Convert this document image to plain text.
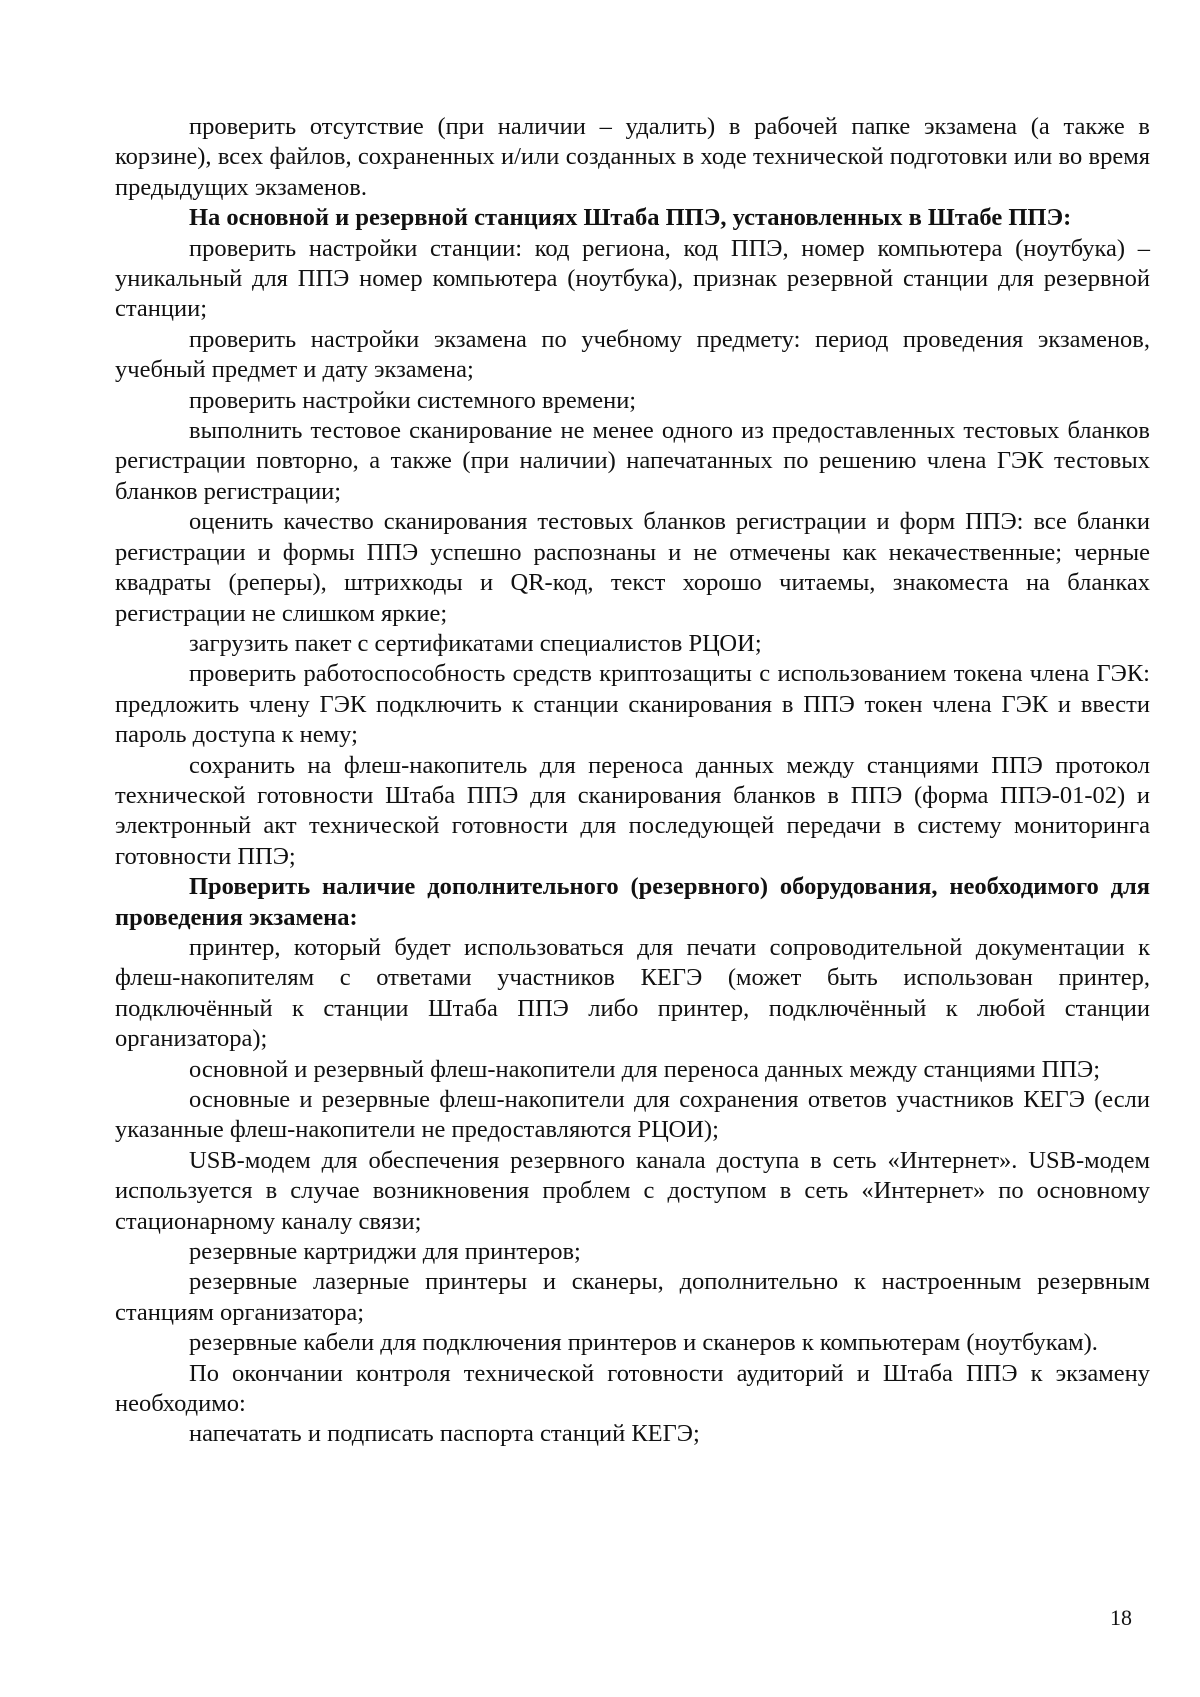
проверить отсутствие (при наличии – удалить) в рабочей папке экзамена (а также в корзине), всех файлов, сохраненных и/или созданных в ходе технической подготовки или во время предыдущих экзаменов.

На основной и резервной станциях Штаба ППЭ, установленных в Штабе ППЭ:

проверить настройки станции: код региона, код ППЭ, номер компьютера (ноутбука) – уникальный для ППЭ номер компьютера (ноутбука), признак резервной станции для резервной станции;

проверить настройки экзамена по учебному предмету: период проведения экзаменов, учебный предмет и дату экзамена;

проверить настройки системного времени;

выполнить тестовое сканирование не менее одного из предоставленных тестовых бланков регистрации повторно, а также (при наличии) напечатанных по решению члена ГЭК тестовых бланков регистрации;

оценить качество сканирования тестовых бланков регистрации и форм ППЭ: все бланки регистрации и формы ППЭ успешно распознаны и не отмечены как некачественные; черные квадраты (реперы), штрихкоды и QR-код, текст хорошо читаемы, знакоместа на бланках регистрации не слишком яркие;

загрузить пакет с сертификатами специалистов РЦОИ;

проверить работоспособность средств криптозащиты с использованием токена члена ГЭК: предложить члену ГЭК подключить к станции сканирования в ППЭ токен члена ГЭК и ввести пароль доступа к нему;

сохранить на флеш-накопитель для переноса данных между станциями ППЭ протокол технической готовности Штаба ППЭ для сканирования бланков в ППЭ (форма ППЭ-01-02) и электронный акт технической готовности для последующей передачи в систему мониторинга готовности ППЭ;

Проверить наличие дополнительного (резервного) оборудования, необходимого для проведения экзамена:

принтер, который будет использоваться для печати сопроводительной документации к флеш-накопителям с ответами участников КЕГЭ (может быть использован принтер, подключённый к станции Штаба ППЭ либо принтер, подключённый к любой станции организатора);

основной и резервный флеш-накопители для переноса данных между станциями ППЭ;

основные и резервные флеш-накопители для сохранения ответов участников КЕГЭ (если указанные флеш-накопители не предоставляются РЦОИ);

USB-модем для обеспечения резервного канала доступа в сеть «Интернет». USB-модем используется в случае возникновения проблем с доступом в сеть «Интернет» по основному стационарному каналу связи;

резервные картриджи для принтеров;

резервные лазерные принтеры и сканеры, дополнительно к настроенным резервным станциям организатора;

резервные кабели для подключения принтеров и сканеров к компьютерам (ноутбукам).

По окончании контроля технической готовности аудиторий и Штаба ППЭ к экзамену необходимо:

напечатать и подписать паспорта станций КЕГЭ;

18
